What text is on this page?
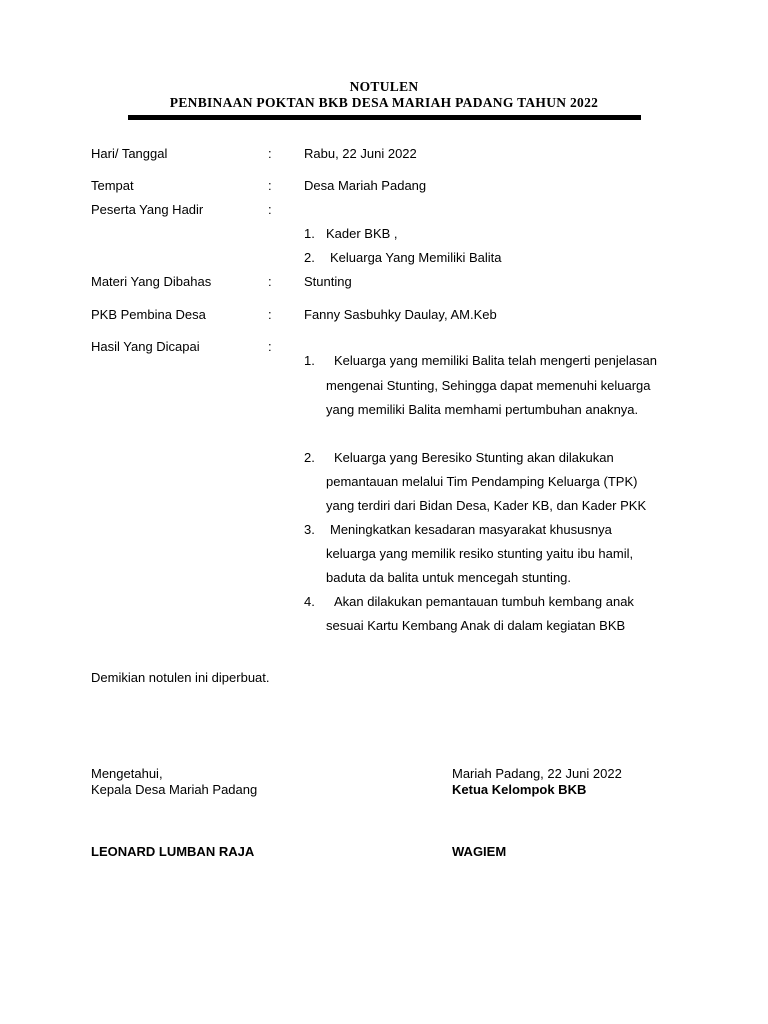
NOTULEN
PENBINAAN POKTAN BKB DESA MARIAH PADANG TAHUN 2022
Hari/ Tanggal	: Rabu, 22 Juni 2022
Tempat	: Desa Mariah Padang
Peserta Yang Hadir	:
1. Kader BKB ,
2. Keluarga Yang Memiliki Balita
Materi Yang Dibahas	: Stunting
PKB Pembina Desa	: Fanny Sasbuhky Daulay, AM.Keb
Hasil Yang Dicapai	:
1. Keluarga yang memiliki Balita telah mengerti penjelasan
mengenai Stunting, Sehingga dapat memenuhi keluarga
yang memiliki Balita memhami pertumbuhan anaknya.
2. Keluarga yang Beresiko Stunting akan dilakukan
pemantauan melalui Tim Pendamping Keluarga (TPK)
yang terdiri dari Bidan Desa, Kader KB, dan Kader PKK
3. Meningkatkan kesadaran masyarakat khususnya
keluarga yang memilik resiko stunting yaitu ibu hamil,
baduta da balita untuk mencegah stunting.
4. Akan dilakukan pemantauan tumbuh kembang anak
sesuai Kartu Kembang Anak di dalam kegiatan BKB
Demikian notulen ini diperbuat.
Mengetahui,
Kepala Desa Mariah Padang
LEONARD LUMBAN RAJA
Mariah Padang, 22 Juni 2022
Ketua Kelompok BKB
WAGIEM
